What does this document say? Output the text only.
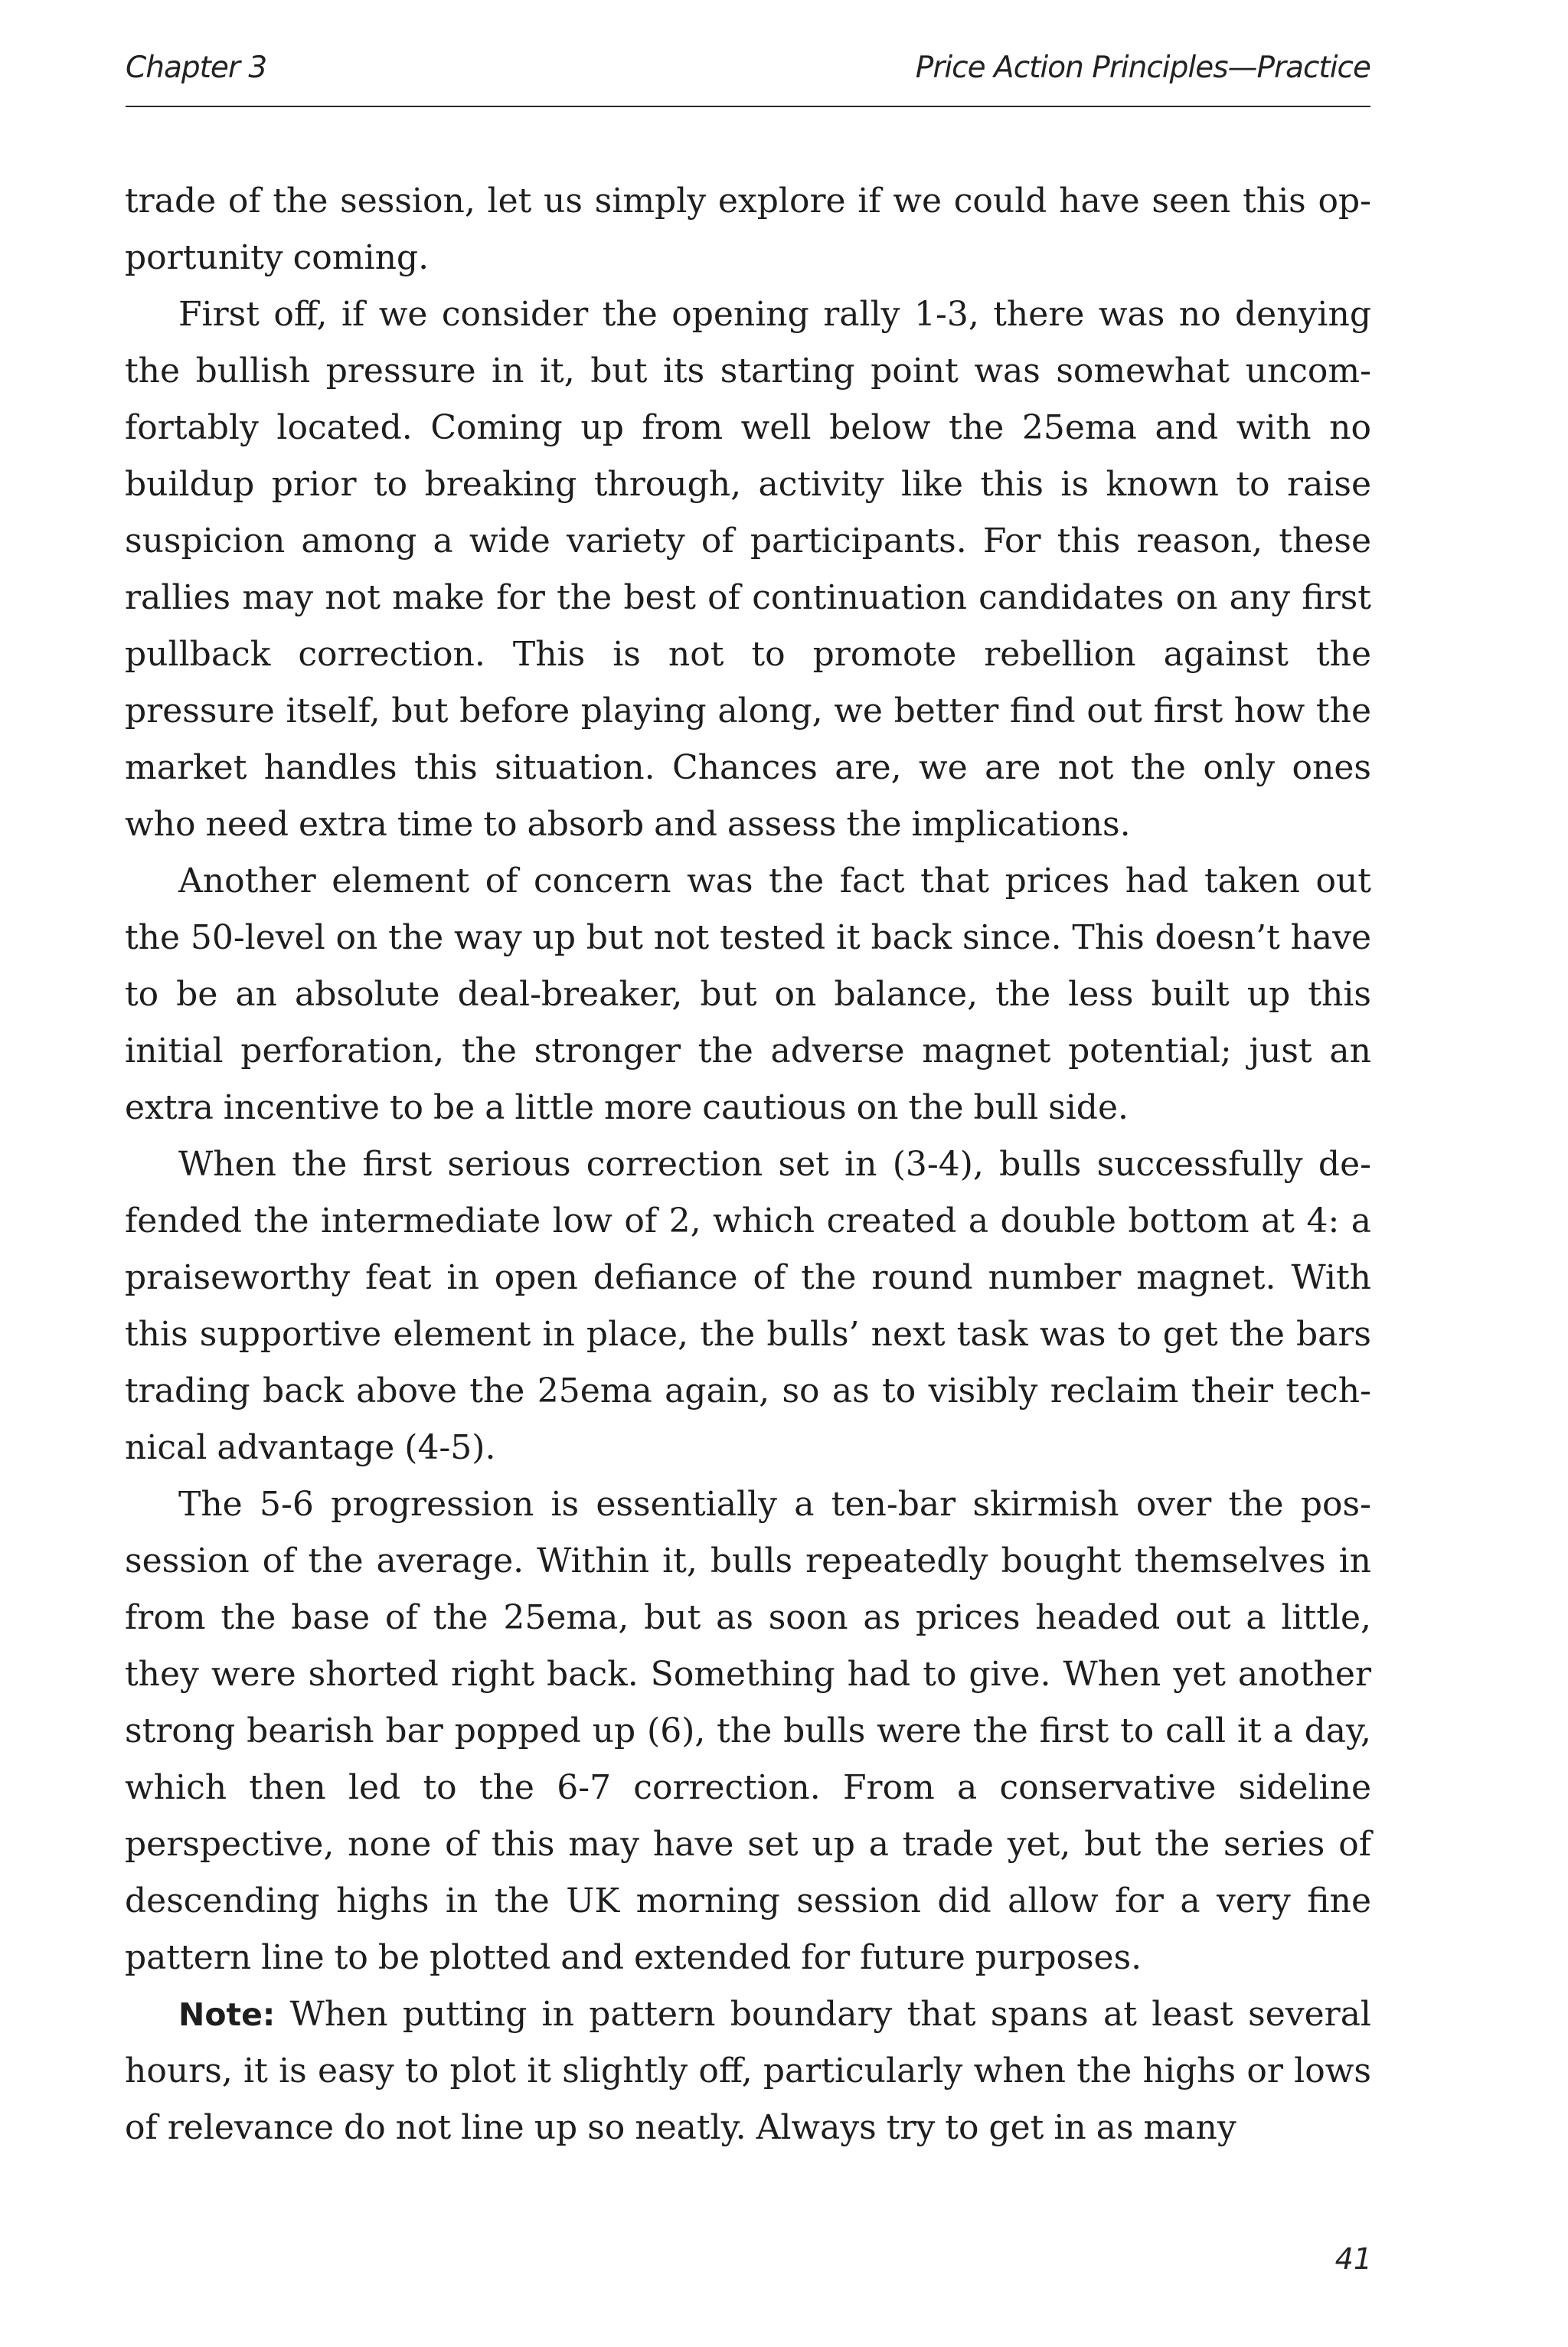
Chapter 3	Price Action Principles—Practice

trade of the session, let us simply explore if we could have seen this opportunity coming.

First off, if we consider the opening rally 1-3, there was no denying the bullish pressure in it, but its starting point was somewhat uncomfortably located. Coming up from well below the 25ema and with no buildup prior to breaking through, activity like this is known to raise suspicion among a wide variety of participants. For this reason, these rallies may not make for the best of continuation candidates on any first pullback correction. This is not to promote rebellion against the pressure itself, but before playing along, we better find out first how the market handles this situation. Chances are, we are not the only ones who need extra time to absorb and assess the implications.

Another element of concern was the fact that prices had taken out the 50-level on the way up but not tested it back since. This doesn’t have to be an absolute deal-breaker, but on balance, the less built up this initial perforation, the stronger the adverse magnet potential; just an extra incentive to be a little more cautious on the bull side.

When the first serious correction set in (3-4), bulls successfully defended the intermediate low of 2, which created a double bottom at 4: a praiseworthy feat in open defiance of the round number magnet. With this supportive element in place, the bulls’ next task was to get the bars trading back above the 25ema again, so as to visibly reclaim their technical advantage (4-5).

The 5-6 progression is essentially a ten-bar skirmish over the possession of the average. Within it, bulls repeatedly bought themselves in from the base of the 25ema, but as soon as prices headed out a little, they were shorted right back. Something had to give. When yet another strong bearish bar popped up (6), the bulls were the first to call it a day, which then led to the 6-7 correction. From a conservative sideline perspective, none of this may have set up a trade yet, but the series of descending highs in the UK morning session did allow for a very fine pattern line to be plotted and extended for future purposes.

Note: When putting in pattern boundary that spans at least several hours, it is easy to plot it slightly off, particularly when the highs or lows of relevance do not line up so neatly. Always try to get in as many

41
